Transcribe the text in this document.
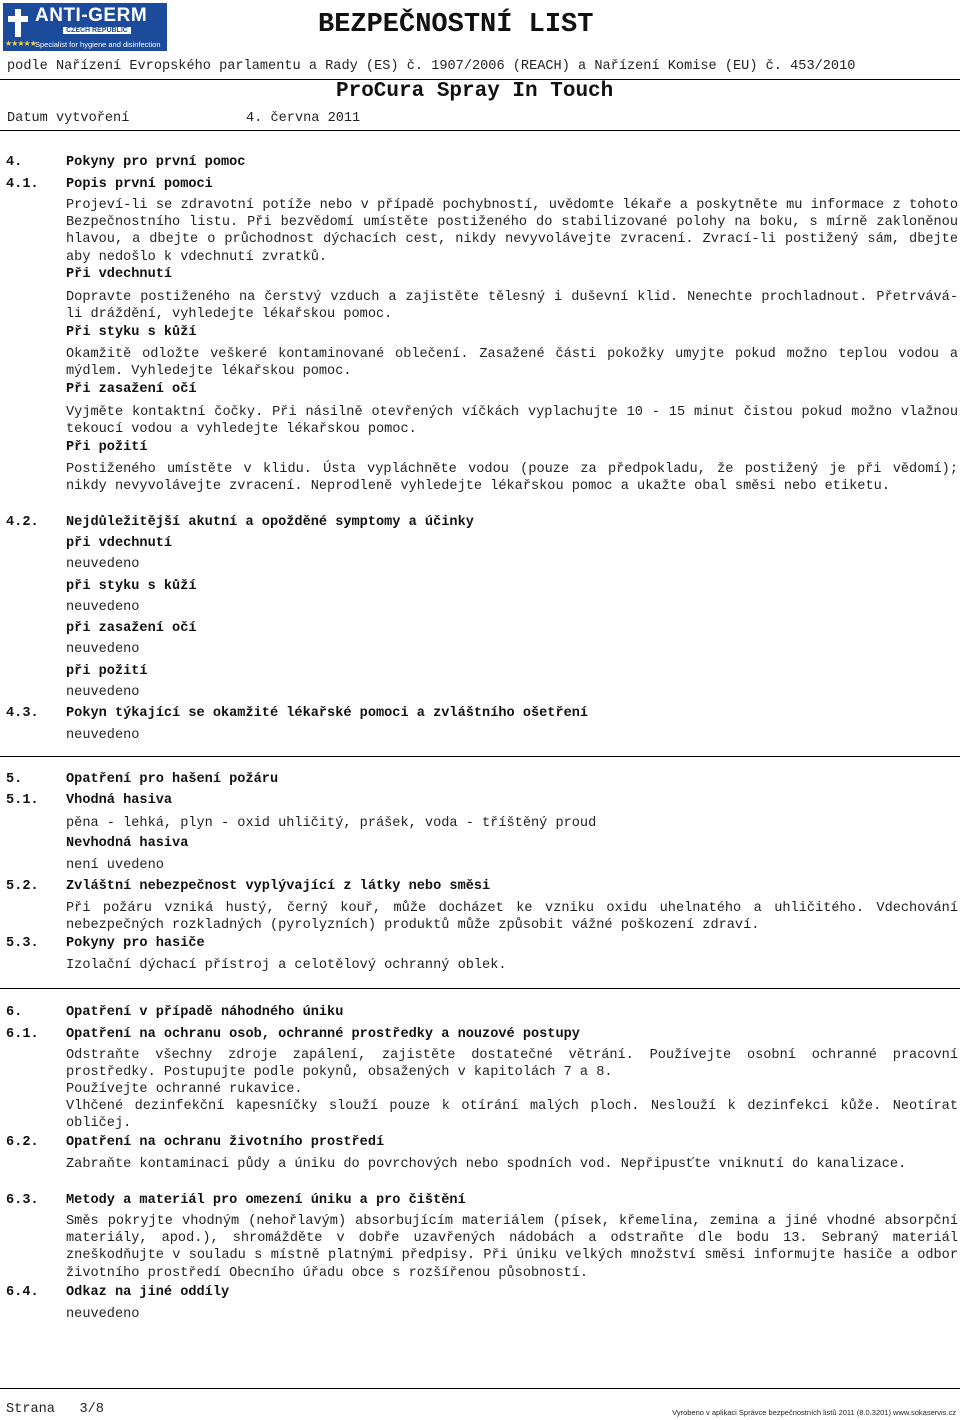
★★★★★
ANTI-GERM
CZECH REPUBLIC
Specialist for hygiene and disinfection
BEZPEČNOSTNÍ LIST
podle Nařízení Evropského parlamentu a Rady (ES) č. 1907/2006 (REACH) a Nařízení Komise (EU) č. 453/2010
ProCura Spray In Touch
Datum vytvoření	4. června 2011
4.	Pokyny pro první pomoc
4.1. Popis první pomoci
Projeví-li se zdravotní potíže nebo v případě pochybností, uvědomte lékaře a poskytněte mu informace z tohoto Bezpečnostního listu. Při bezvědomí umístěte postiženého do stabilizované polohy na boku, s mírně zakloněnou hlavou, a dbejte o průchodnost dýchacích cest, nikdy nevyvolávejte zvracení. Zvrací-li postižený sám, dbejte aby nedošlo k vdechnutí zvratků.
Při vdechnutí
Dopravte postiženého na čerstvý vzduch a zajistěte tělesný i duševní klid. Nenechte prochladnout. Přetrvává-li dráždění, vyhledejte lékařskou pomoc.
Při styku s kůží
Okamžitě odložte veškeré kontaminované oblečení. Zasažené části pokožky umyjte pokud možno teplou vodou a mýdlem. Vyhledejte lékařskou pomoc.
Při zasažení očí
Vyjměte kontaktní čočky. Při násilně otevřených víčkách vyplachujte 10 - 15 minut čistou pokud možno vlažnou tekoucí vodou a vyhledejte lékařskou pomoc.
Při požití
Postiženého umístěte v klidu. Ústa vypláchněte vodou (pouze za předpokladu, že postižený je při vědomí); nikdy nevyvolávejte zvracení. Neprodleně vyhledejte lékařskou pomoc a ukažte obal směsi nebo etiketu.
4.2. Nejdůležitější akutní a opožděné symptomy a účinky
při vdechnutí
neuvedeno
při styku s kůží
neuvedeno
při zasažení očí
neuvedeno
při požití
neuvedeno
4.3. Pokyn týkající se okamžité lékařské pomoci a zvláštního ošetření
neuvedeno
5.	Opatření pro hašení požáru
5.1. Vhodná hasiva
pěna - lehká, plyn - oxid uhličitý, prášek, voda - tříštěný proud
Nevhodná hasiva
není uvedeno
5.2. Zvláštní nebezpečnost vyplývající z látky nebo směsi
Při požáru vzniká hustý, černý kouř, může docházet ke vzniku oxidu uhelnatého a uhličitého. Vdechování nebezpečných rozkladných (pyrolyzních) produktů může způsobit vážné poškození zdraví.
5.3. Pokyny pro hasiče
Izolační dýchací přístroj a celotělový ochranný oblek.
6.	Opatření v případě náhodného úniku
6.1. Opatření na ochranu osob, ochranné prostředky a nouzové postupy
Odstraňte všechny zdroje zapálení, zajistěte dostatečné větrání. Používejte osobní ochranné pracovní prostředky. Postupujte podle pokynů, obsažených v kapitolách 7 a 8.
Používejte ochranné rukavice.
Vlhčené dezinfekční kapesníčky slouží pouze k otírání malých ploch. Neslouží k dezinfekci kůže. Neotírat obličej.
6.2. Opatření na ochranu životního prostředí
Zabraňte kontaminaci půdy a úniku do povrchových nebo spodních vod. Nepřipusťte vniknutí do kanalizace.
6.3. Metody a materiál pro omezení úniku a pro čištění
Směs pokryjte vhodným (nehořlavým) absorbujícím materiálem (písek, křemelina, zemina a jiné vhodné absorpční materiály, apod.), shromážděte v dobře uzavřených nádobách a odstraňte dle bodu 13. Sebraný materiál zneškodňujte v souladu s místně platnými předpisy. Při úniku velkých množství směsi informujte hasiče a odbor životního prostředí Obecního úřadu obce s rozšířenou působností.
6.4. Odkaz na jiné oddíly
neuvedeno
Strana 3/8	Vyrobeno v aplikaci Správce bezpečnostních listů 2011 (8.0.3201) www.sokaservis.cz
